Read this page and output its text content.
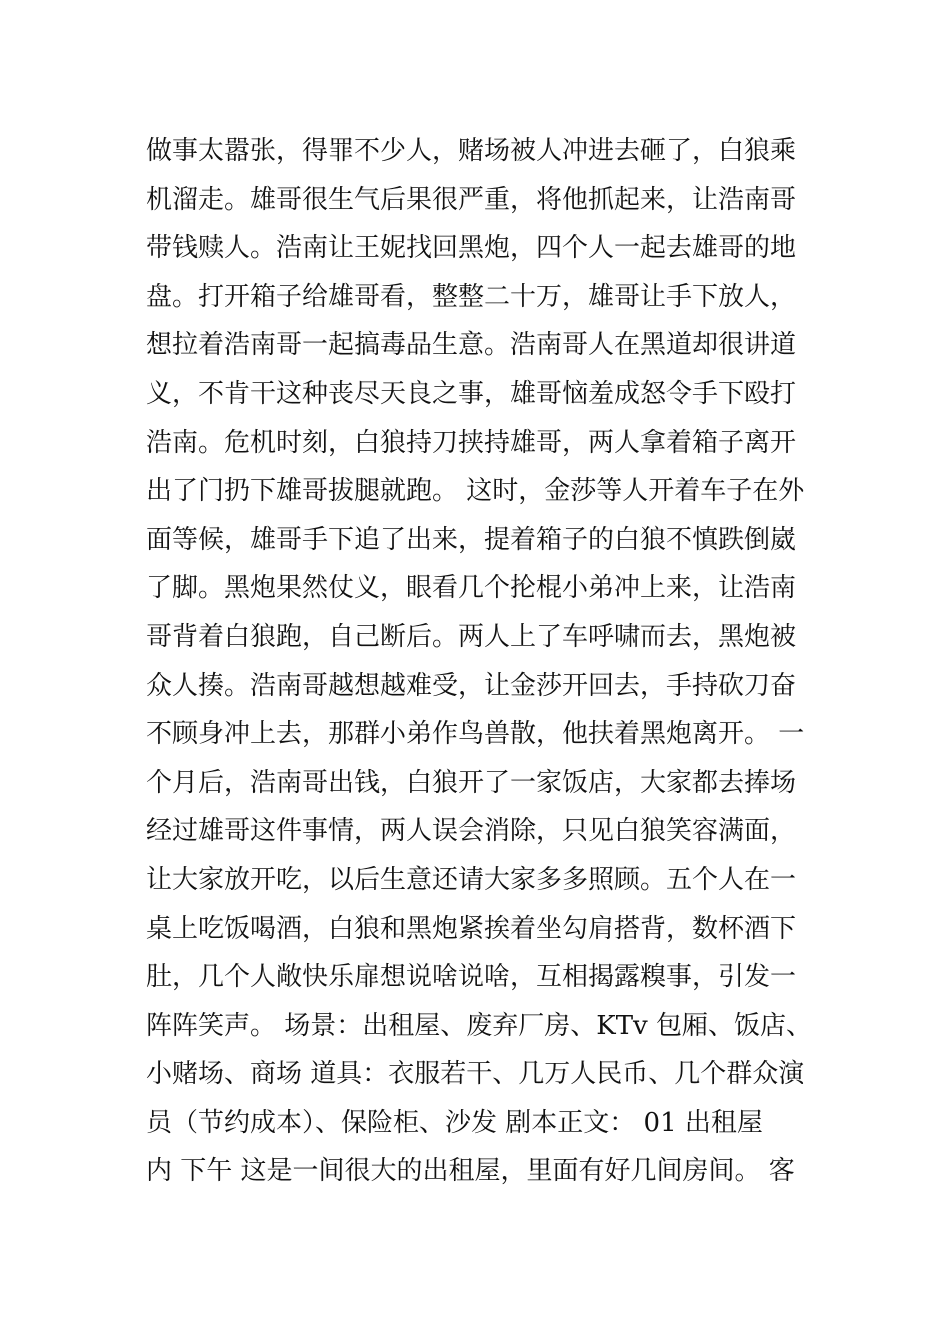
做事太嚣张，得罪不少人，赌场被人冲进去砸了，白狼乘
机溜走。雄哥很生气后果很严重，将他抓起来，让浩南哥
带钱赎人。浩南让王妮找回黑炮，四个人一起去雄哥的地
盘。打开箱子给雄哥看，整整二十万，雄哥让手下放人，
想拉着浩南哥一起搞毒品生意。浩南哥人在黑道却很讲道
义，不肯干这种丧尽天良之事，雄哥恼羞成怒令手下殴打
浩南。危机时刻，白狼持刀挟持雄哥，两人拿着箱子离开
出了门扔下雄哥拔腿就跑。 这时，金莎等人开着车子在外
面等候，雄哥手下追了出来，提着箱子的白狼不慎跌倒崴
了脚。黑炮果然仗义，眼看几个抡棍小弟冲上来，让浩南
哥背着白狼跑，自己断后。两人上了车呼啸而去，黑炮被
众人揍。浩南哥越想越难受，让金莎开回去，手持砍刀奋
不顾身冲上去，那群小弟作鸟兽散，他扶着黑炮离开。 一
个月后，浩南哥出钱，白狼开了一家饭店，大家都去捧场
经过雄哥这件事情，两人误会消除，只见白狼笑容满面，
让大家放开吃，以后生意还请大家多多照顾。五个人在一
桌上吃饭喝酒，白狼和黑炮紧挨着坐勾肩搭背，数杯酒下
肚，几个人敞快乐扉想说啥说啥，互相揭露糗事，引发一
阵阵笑声。 场景：出租屋、废弃厂房、KTv 包厢、饭店、
小赌场、商场 道具：衣服若干、几万人民币、几个群众演
员（节约成本）、保险柜、沙发 剧本正文： 01 出租屋
内 下午 这是一间很大的出租屋，里面有好几间房间。 客
